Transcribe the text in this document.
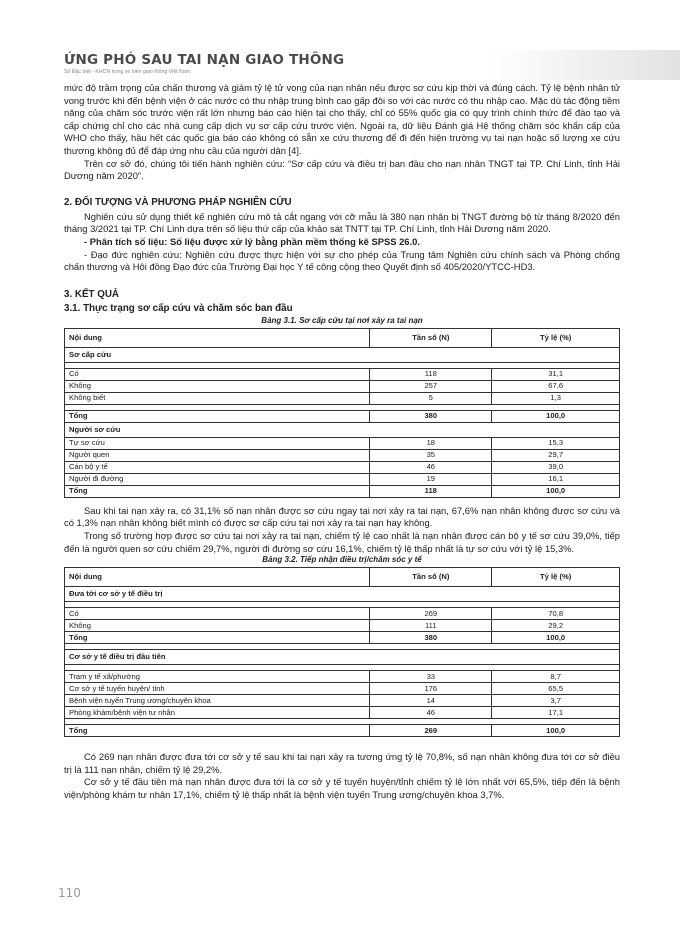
ỨNG PHÓ SAU TAI NẠN GIAO THÔNG
Số Đặc biệt - KHCN trong xe hiến giao thông Việt Nam

mức độ trầm trọng của chấn thương và giảm tỷ lệ tử vong của nạn nhân nếu được sơ cứu kịp thời và đúng cách. Tỷ lệ bệnh nhân tử vong trước khi đến bệnh viện ở các nước có thu nhập trung bình cao gấp đôi so với các nước có thu nhập cao. Mặc dù tác động tiềm năng của chăm sóc trước viện rất lớn nhưng báo cáo hiện tại cho thấy, chỉ có 55% quốc gia có quy trình chính thức để đào tạo và cấp chứng chỉ cho các nhà cung cấp dịch vụ sơ cấp cứu trước viện. Ngoài ra, dữ liệu Đánh giá Hệ thống chăm sóc khẩn cấp của WHO cho thấy, hầu hết các quốc gia báo cáo không có sẵn xe cứu thương để đi đến hiện trường vụ tai nạn hoặc số lượng xe cứu thương không đủ để đáp ứng nhu cầu của người dân [4].

Trên cơ sở đó, chúng tôi tiến hành nghiên cứu: “Sơ cấp cứu và điều trị ban đầu cho nạn nhân TNGT tại TP. Chí Linh, tỉnh Hải Dương năm 2020”.

2. ĐỐI TƯỢNG VÀ PHƯƠNG PHÁP NGHIÊN CỨU

Nghiên cứu sử dụng thiết kế nghiên cứu mô tả cắt ngang với cỡ mẫu là 380 nạn nhân bị TNGT đường bộ từ tháng 8/2020 đến tháng 3/2021 tại TP. Chí Linh dựa trên số liệu thứ cấp của khảo sát TNTT tại TP. Chí Linh, tỉnh Hải Dương năm 2020.

- Phân tích số liệu: Số liệu được xử lý bằng phần mềm thống kê SPSS 26.0.

- Đạo đức nghiên cứu: Nghiên cứu được thực hiện với sự cho phép của Trung tâm Nghiên cứu chính sách và Phòng chống chấn thương và Hội đồng Đạo đức của Trường Đại học Y tế công cộng theo Quyết định số 405/2020/YTCC-HD3.

3. KẾT QUẢ
3.1. Thực trạng sơ cấp cứu và chăm sóc ban đầu
Bảng 3.1. Sơ cấp cứu tại nơi xảy ra tai nạn
Nội dung	Tần số (N)	Tỷ lệ (%)
Sơ cấp cứu		

Có	118	31,1
Không	257	67,6
Không biết	5	1,3

Tổng	380	100,0
Người sơ cứu		
Tự sơ cứu	18	15,3
Người quen	35	29,7
Cán bộ y tế	46	39,0
Người đi đường	19	16,1
Tổng	118	100,0

Sau khi tai nạn xảy ra, có 31,1% số nạn nhân được sơ cứu ngay tại nơi xảy ra tai nạn, 67,6% nạn nhân không được sơ cứu và có 1,3% nạn nhân không biết mình có được sơ cấp cứu tại nơi xảy ra tai nạn hay không.

Trong số trường hợp được sơ cứu tại nơi xảy ra tai nạn, chiếm tỷ lệ cao nhất là nạn nhân được cán bộ y tế sơ cứu 39,0%, tiếp đến là người quen sơ cứu chiếm 29,7%, người đi đường sơ cứu 16,1%, chiếm tỷ lệ thấp nhất là tự sơ cứu với tỷ lệ 15,3%.

Bảng 3.2. Tiếp nhận điều trị/chăm sóc y tế
Nội dung	Tần số (N)	Tỷ lệ (%)
Đưa tới cơ sở y tế điều trị		

Có	269	70,8
Không	111	29,2
Tổng	380	100,0

Cơ sở y tế điều trị đầu tiên		

Trạm y tế xã/phường	33	8,7
Cơ sở y tế tuyến huyện/ tỉnh	176	65,5
Bệnh viện tuyến Trung ương/chuyên khoa	14	3,7
Phòng khám/bệnh viện tư nhân	46	17,1

Tổng	269	100,0

Có 269 nạn nhân được đưa tới cơ sở y tế sau khi tai nạn xảy ra tương ứng tỷ lệ 70,8%, số nạn nhân không đưa tới cơ sở điều trị là 111 nạn nhân, chiếm tỷ lệ 29,2%.

Cơ sở y tế đầu tiên mà nạn nhân được đưa tới là cơ sở y tế tuyến huyện/tỉnh chiếm tỷ lệ lớn nhất với 65,5%, tiếp đến là bệnh viện/phòng khám tư nhân 17,1%, chiếm tỷ lệ thấp nhất là bệnh viện tuyến Trung ương/chuyên khoa 3,7%.

110
